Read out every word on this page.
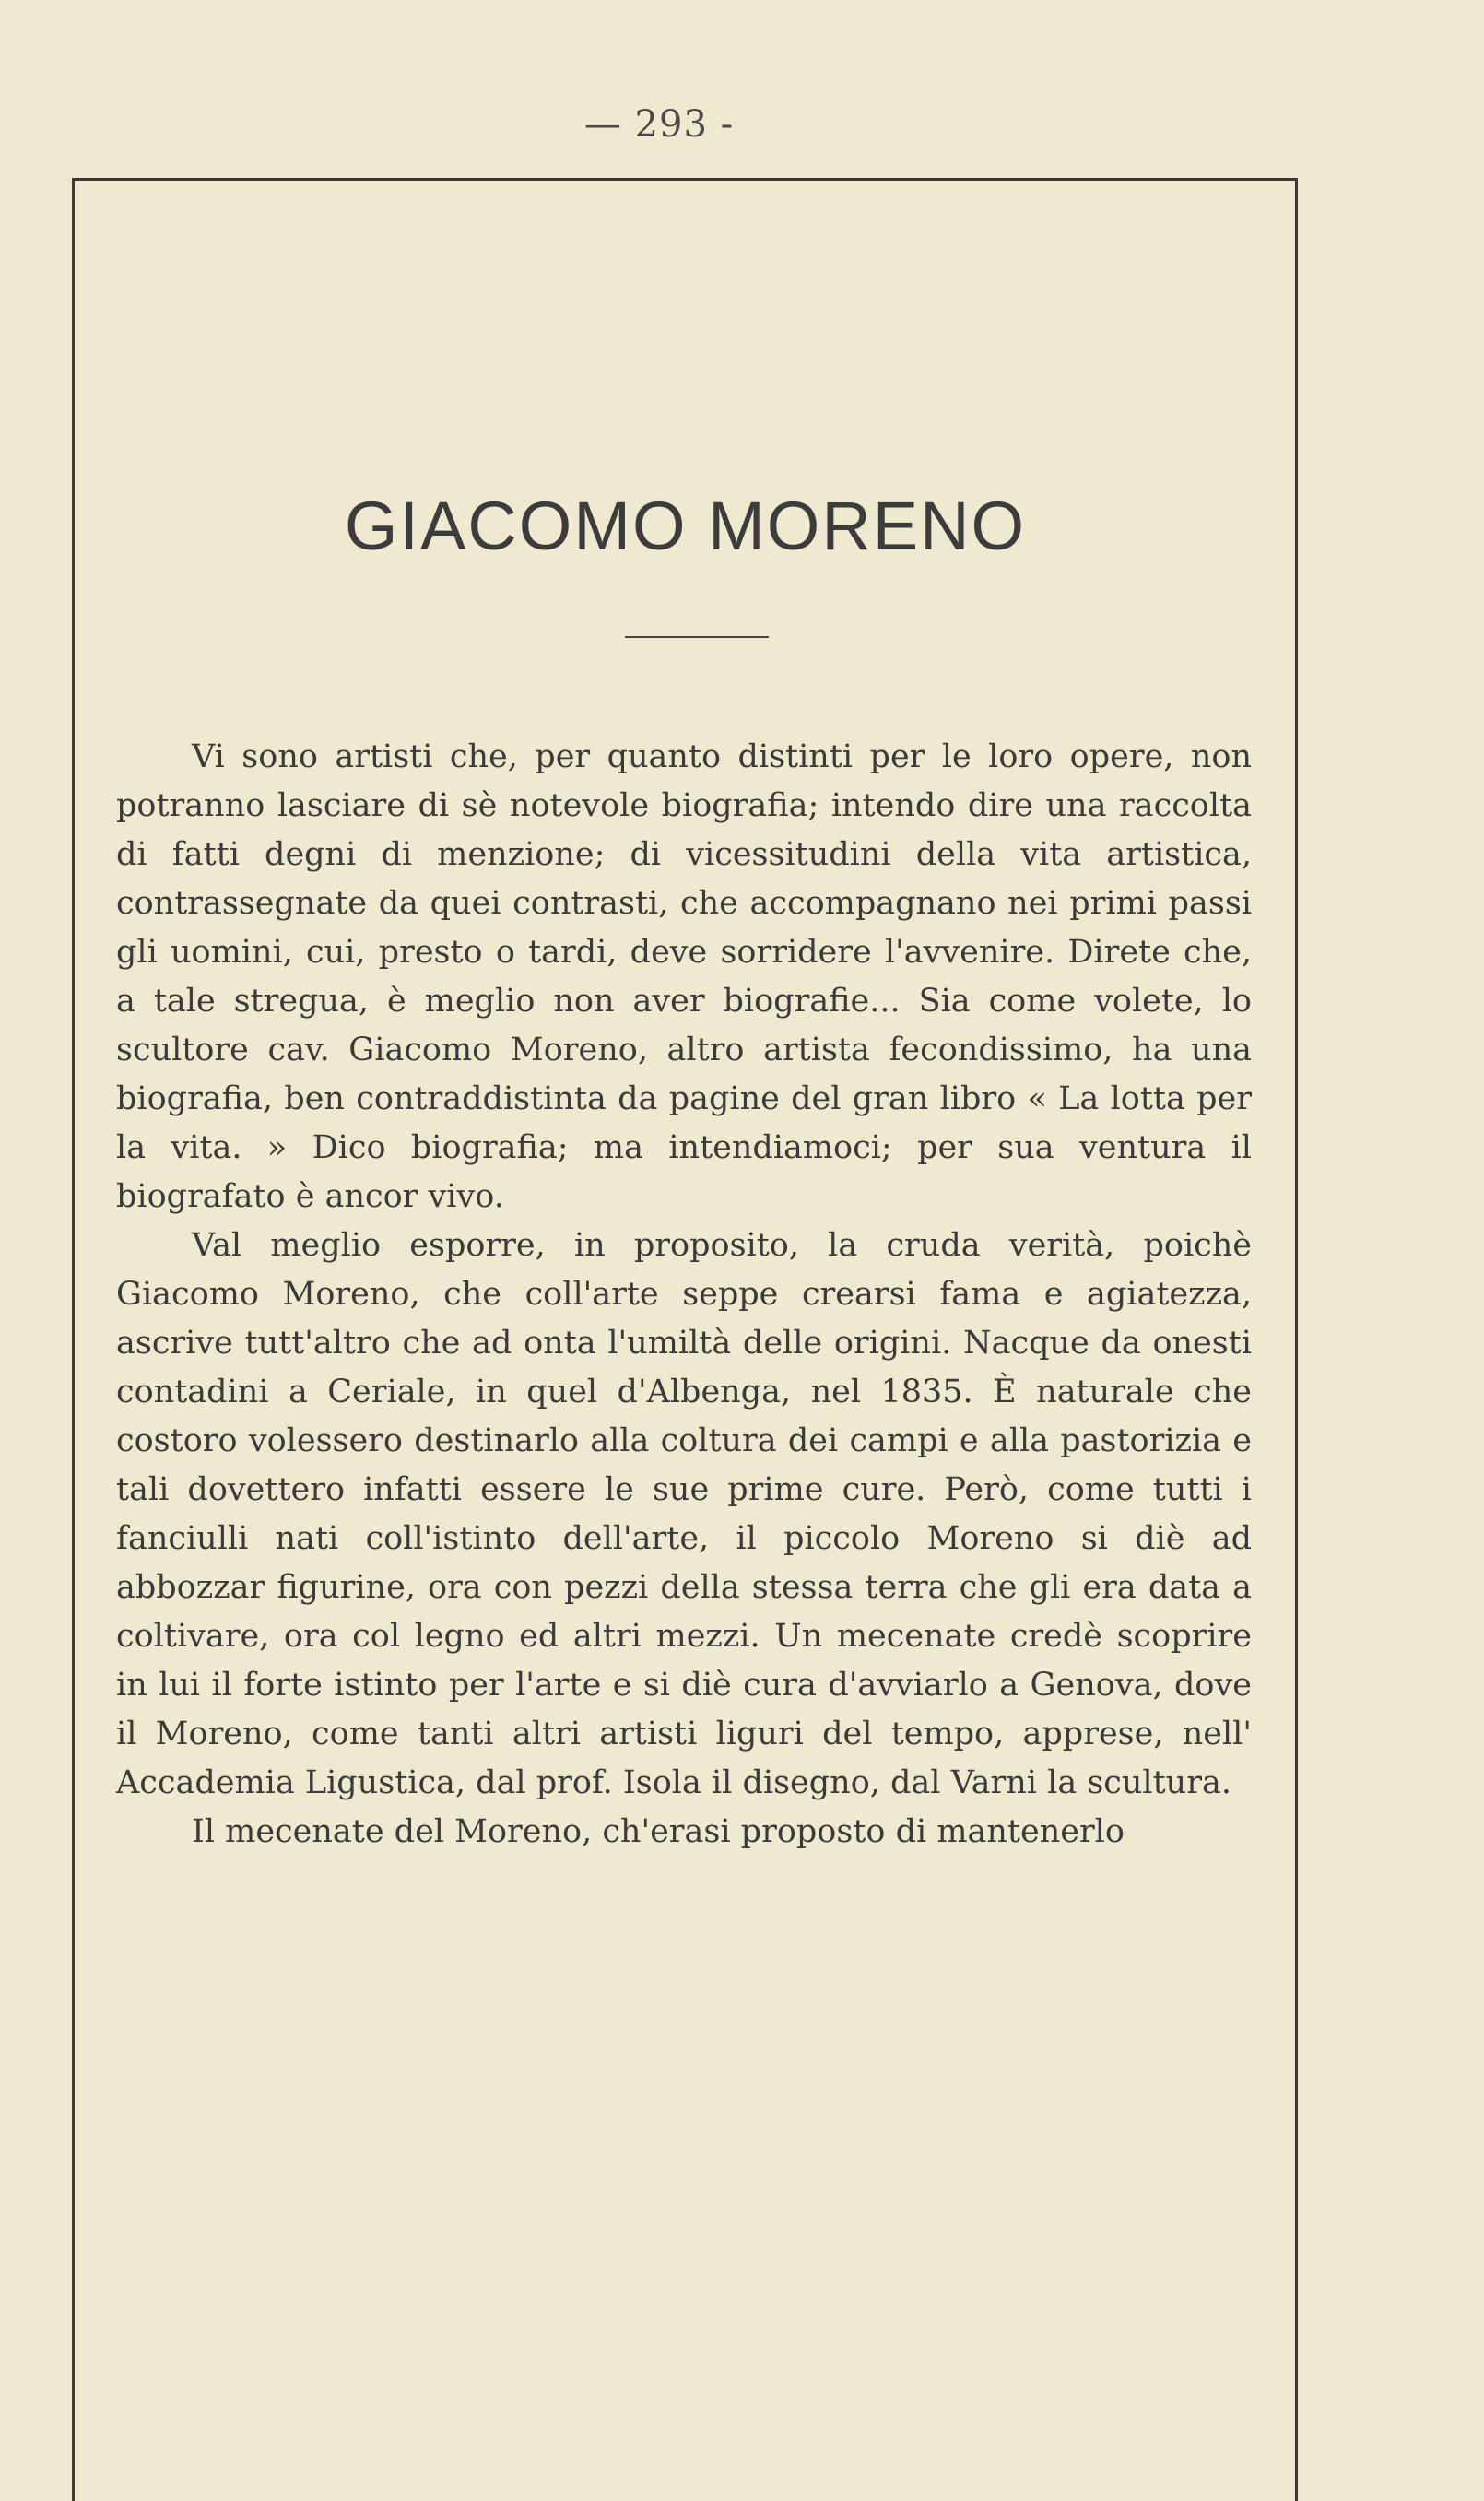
— 293 -
GIACOMO MORENO

Vi sono artisti che, per quanto distinti per le loro opere, non potranno lasciare di sè notevole biografia; intendo dire una raccolta di fatti degni di menzione; di vicessitudini della vita artistica, contrassegnate da quei contrasti, che accompagnano nei primi passi gli uomini, cui, presto o tardi, deve sorridere l'avvenire. Direte che, a tale stregua, è meglio non aver biografie... Sia come volete, lo scultore cav. Giacomo Moreno, altro artista fecondissimo, ha una biografia, ben contraddistinta da pagine del gran libro « La lotta per la vita. » Dico biografia; ma intendiamoci; per sua ventura il biografato è ancor vivo.

Val meglio esporre, in proposito, la cruda verità, poichè Giacomo Moreno, che coll'arte seppe crearsi fama e agiatezza, ascrive tutt'altro che ad onta l'umiltà delle origini. Nacque da onesti contadini a Ceriale, in quel d'Albenga, nel 1835. È naturale che costoro volessero destinarlo alla coltura dei campi e alla pastorizia e tali dovettero infatti essere le sue prime cure. Però, come tutti i fanciulli nati coll'istinto dell'arte, il piccolo Moreno si diè ad abbozzar figurine, ora con pezzi della stessa terra che gli era data a coltivare, ora col legno ed altri mezzi. Un mecenate credè scoprire in lui il forte istinto per l'arte e si diè cura d'avviarlo a Genova, dove il Moreno, come tanti altri artisti liguri del tempo, apprese, nell' Accademia Ligustica, dal prof. Isola il disegno, dal Varni la scultura.

Il mecenate del Moreno, ch'erasi proposto di mantenerlo
